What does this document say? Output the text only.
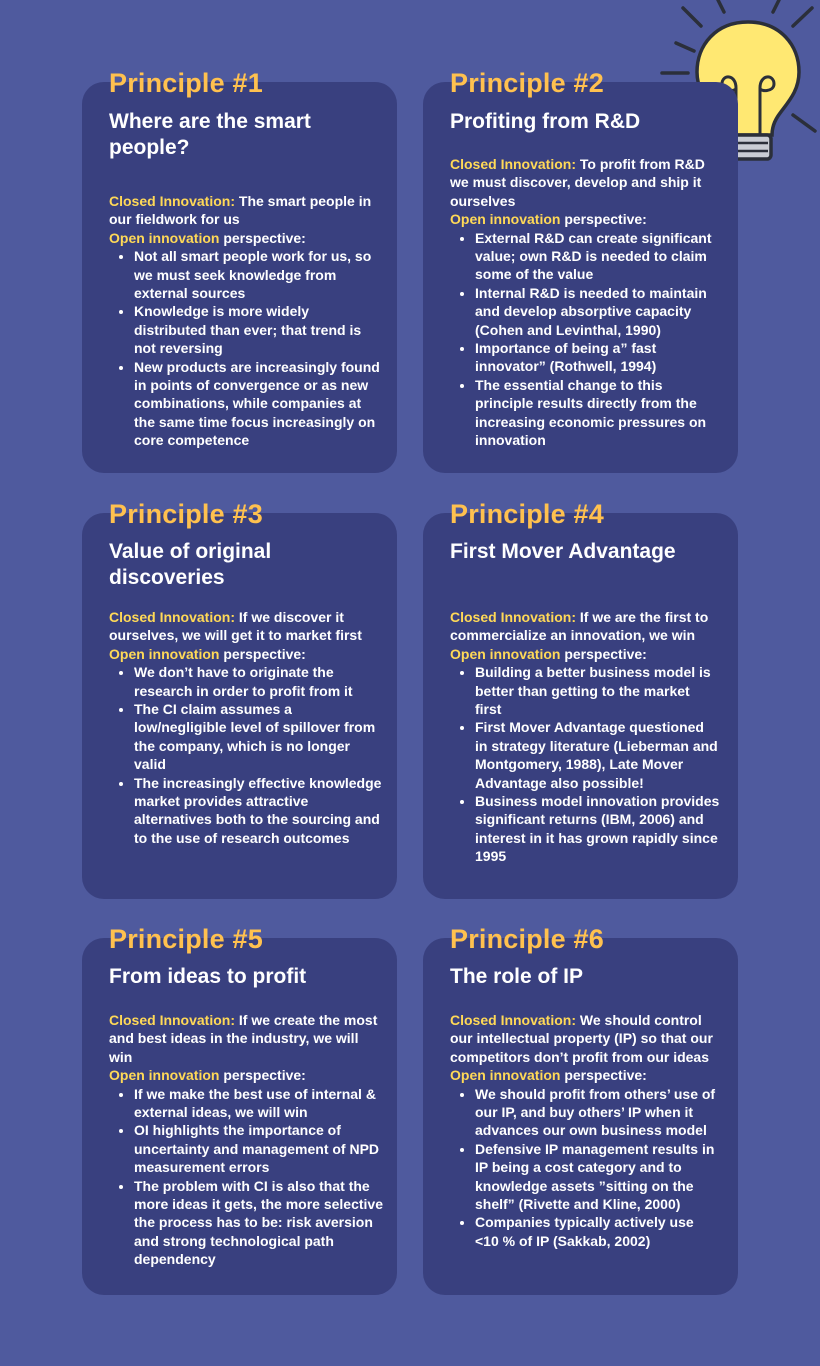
Principle #1
Where are the smart people?

Closed Innovation: The smart people in our fieldwork for us

Open innovation perspective:

• Not all smart people work for us, so we must seek knowledge from external sources
• Knowledge is more widely distributed than ever; that trend is not reversing
• New products are increasingly found in points of convergence or as new combinations, while companies at the same time focus increasingly on core competence
Principle #2
Profiting from R&D

Closed Innovation: To profit from R&D we must discover, develop and ship it ourselves

Open innovation perspective:

• External R&D can create significant value; own R&D is needed to claim some of the value
• Internal R&D is needed to maintain and develop absorptive capacity (Cohen and Levinthal, 1990)
• Importance of being a” fast innovator” (Rothwell, 1994)
• The essential change to this principle results directly from the increasing economic pressures on innovation
Principle #3
Value of original discoveries

Closed Innovation: If we discover it ourselves, we will get it to market first

Open innovation perspective:

• We don’t have to originate the research in order to profit from it
• The CI claim assumes a low/negligible level of spillover from the company, which is no longer valid
• The increasingly effective knowledge market provides attractive alternatives both to the sourcing and to the use of research outcomes
Principle #4
First Mover Advantage

Closed Innovation: If we are the first to commercialize an innovation, we win

Open innovation perspective:

• Building a better business model is better than getting to the market first
• First Mover Advantage questioned in strategy literature (Lieberman and Montgomery, 1988), Late Mover Advantage also possible!
• Business model innovation provides significant returns (IBM, 2006) and interest in it has grown rapidly since 1995
Principle #5
From ideas to profit

Closed Innovation: If we create the most and best ideas in the industry, we will win

Open innovation perspective:

• If we make the best use of internal & external ideas, we will win
• OI highlights the importance of uncertainty and management of NPD measurement errors
• The problem with CI is also that the more ideas it gets, the more selective the process has to be: risk aversion and strong technological path dependency
Principle #6
The role of IP

Closed Innovation: We should control our intellectual property (IP) so that our competitors don’t profit from our ideas

Open innovation perspective:

• We should profit from others’ use of our IP, and buy others’ IP when it advances our own business model
• Defensive IP management results in IP being a cost category and to knowledge assets ”sitting on the shelf” (Rivette and Kline, 2000)
• Companies typically actively use <10 % of IP (Sakkab, 2002)
